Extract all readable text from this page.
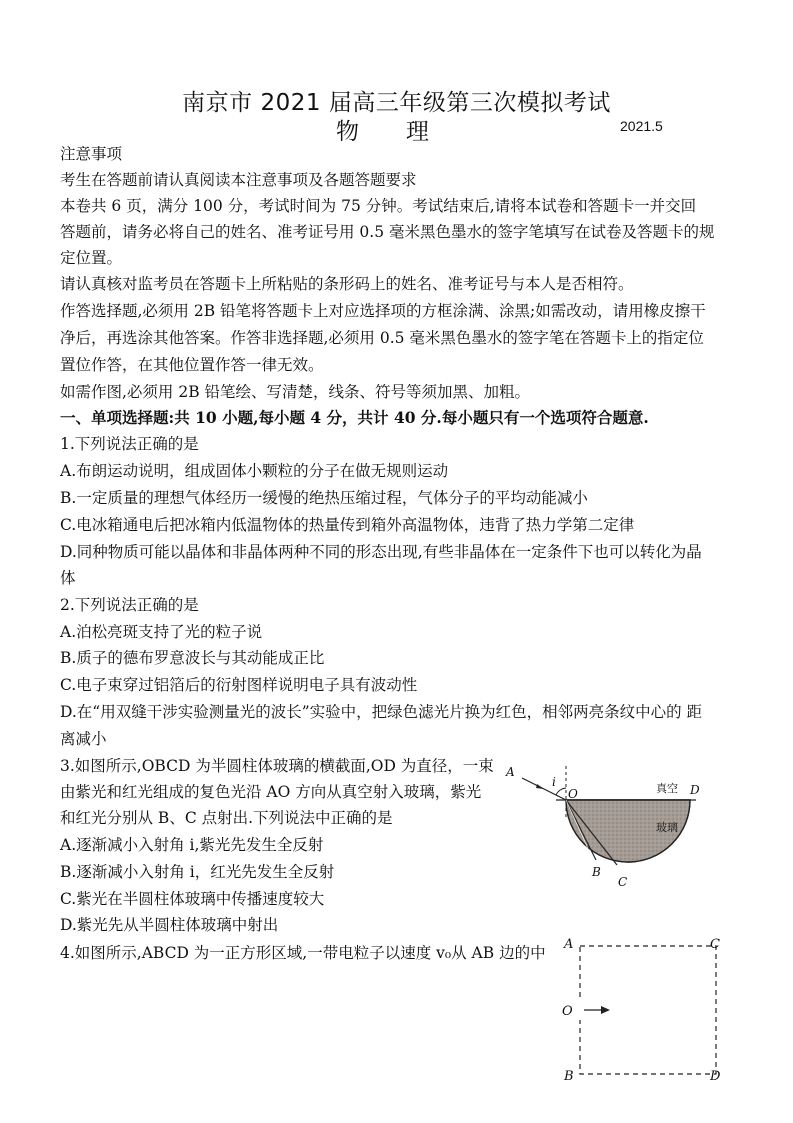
南京市 2021 届高三年级第三次模拟考试
物 理	2021.5
注意事项
考生在答题前请认真阅读本注意事项及各题答题要求
本卷共 6 页，满分 100 分，考试时间为 75 分钟。考试结束后,请将本试卷和答题卡一并交回
答题前，请务必将自己的姓名、准考证号用 0.5 毫米黑色墨水的签字笔填写在试卷及答题卡的规
定位置。
请认真核对监考员在答题卡上所粘贴的条形码上的姓名、准考证号与本人是否相符。
作答选择题,必须用 2B 铅笔将答题卡上对应选择项的方框涂满、涂黑;如需改动，请用橡皮擦干
净后，再选涂其他答案。作答非选择题,必须用 0.5 毫米黑色墨水的签字笔在答题卡上的指定位
置位作答，在其他位置作答一律无效。
如需作图,必须用 2B 铅笔绘、写清楚，线条、符号等须加黑、加粗。
一、单项选择题:共 10 小题,每小题 4 分，共计 40 分.每小题只有一个选项符合题意.
1.下列说法正确的是
A.布朗运动说明，组成固体小颗粒的分子在做无规则运动
B.一定质量的理想气体经历一缓慢的绝热压缩过程，气体分子的平均动能减小
C.电冰箱通电后把冰箱内低温物体的热量传到箱外高温物体，违背了热力学第二定律
D.同种物质可能以晶体和非晶体两种不同的形态出现,有些非晶体在一定条件下也可以转化为晶
体
2.下列说法正确的是
A.泊松亮斑支持了光的粒子说
B.质子的德布罗意波长与其动能成正比
C.电子束穿过铝箔后的衍射图样说明电子具有波动性
D.在“用双缝干涉实验测量光的波长”实验中，把绿色滤光片换为红色，相邻两亮条纹中心的 距
离减小
3.如图所示,OBCD 为半圆柱体玻璃的横截面,OD 为直径，一束
由紫光和红光组成的复色光沿 AO 方向从真空射入玻璃，紫光
和红光分别从 B、C 点射出.下列说法中正确的是
A.逐渐减小入射角 i,紫光先发生全反射
B.逐渐减小入射角 i，红光先发生全反射
C.紫光在半圆柱体玻璃中传播速度较大
D.紫光先从半圆柱体玻璃中射出
4.如图所示,ABCD 为一正方形区域,一带电粒子以速度 v₀从 AB 边的中
A
i
O	真空 D
玻璃
B
C
A	C
O
B	D
